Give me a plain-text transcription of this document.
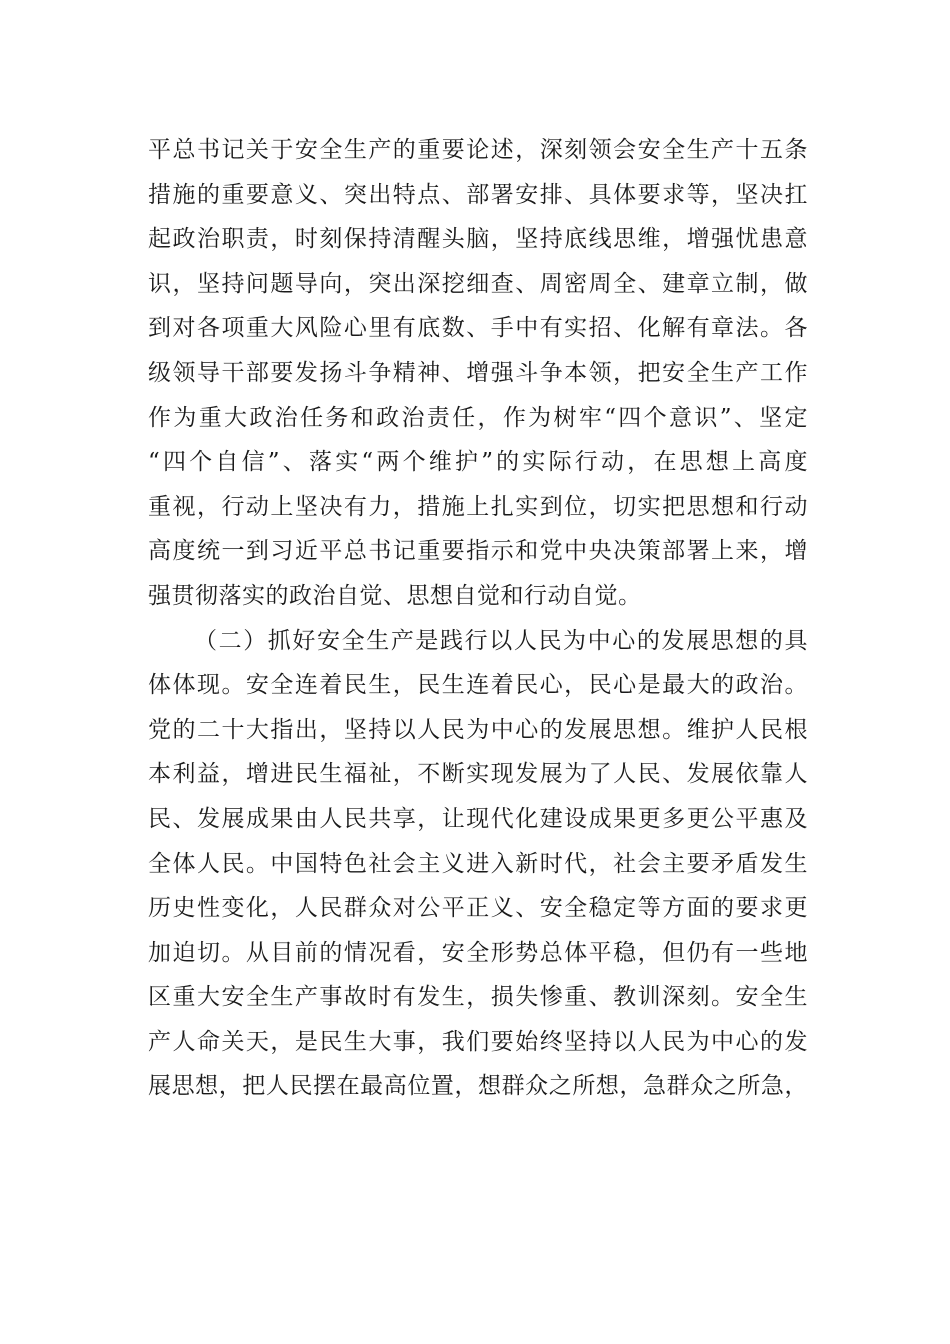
平总书记关于安全生产的重要论述，深刻领会安全生产十五条
措施的重要意义、突出特点、部署安排、具体要求等，坚决扛
起政治职责，时刻保持清醒头脑，坚持底线思维，增强忧患意
识，坚持问题导向，突出深挖细查、周密周全、建章立制，做
到对各项重大风险心里有底数、手中有实招、化解有章法。各
级领导干部要发扬斗争精神、增强斗争本领，把安全生产工作
作为重大政治任务和政治责任，作为树牢“四个意识”、坚定
“四个自信”、落实“两个维护”的实际行动，在思想上高度
重视，行动上坚决有力，措施上扎实到位，切实把思想和行动
高度统一到习近平总书记重要指示和党中央决策部署上来，增
强贯彻落实的政治自觉、思想自觉和行动自觉。
（二）抓好安全生产是践行以人民为中心的发展思想的具
体体现。安全连着民生，民生连着民心，民心是最大的政治。
党的二十大指出，坚持以人民为中心的发展思想。维护人民根
本利益，增进民生福祉，不断实现发展为了人民、发展依靠人
民、发展成果由人民共享，让现代化建设成果更多更公平惠及
全体人民。中国特色社会主义进入新时代，社会主要矛盾发生
历史性变化，人民群众对公平正义、安全稳定等方面的要求更
加迫切。从目前的情况看，安全形势总体平稳，但仍有一些地
区重大安全生产事故时有发生，损失惨重、教训深刻。安全生
产人命关天，是民生大事，我们要始终坚持以人民为中心的发
展思想，把人民摆在最高位置，想群众之所想，急群众之所急，
